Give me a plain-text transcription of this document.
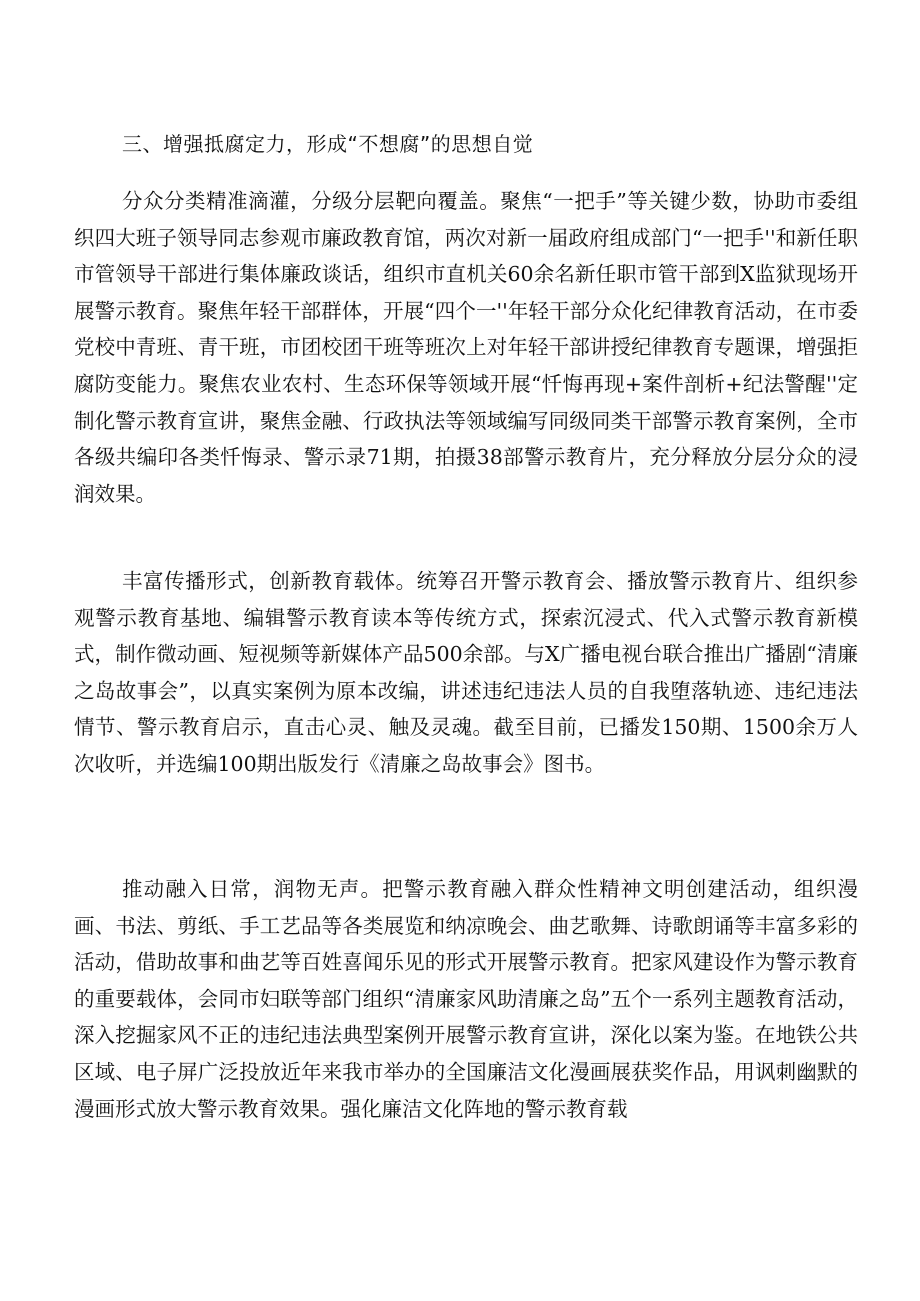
三、增强抵腐定力，形成“不想腐”的思想自觉

分众分类精准滴灌，分级分层靶向覆盖。聚焦“一把手”等关键少数，协助市委组织四大班子领导同志参观市廉政教育馆，两次对新一届政府组成部门“一把手''和新任职市管领导干部进行集体廉政谈话，组织市直机关60余名新任职市管干部到X监狱现场开展警示教育。聚焦年轻干部群体，开展“四个一''年轻干部分众化纪律教育活动，在市委党校中青班、青干班，市团校团干班等班次上对年轻干部讲授纪律教育专题课，增强拒腐防变能力。聚焦农业农村、生态环保等领域开展“忏悔再现+案件剖析+纪法警醒''定制化警示教育宣讲，聚焦金融、行政执法等领域编写同级同类干部警示教育案例，全市各级共编印各类忏悔录、警示录71期，拍摄38部警示教育片，充分释放分层分众的浸润效果。

丰富传播形式，创新教育载体。统筹召开警示教育会、播放警示教育片、组织参观警示教育基地、编辑警示教育读本等传统方式，探索沉浸式、代入式警示教育新模式，制作微动画、短视频等新媒体产品500余部。与X广播电视台联合推出广播剧“清廉之岛故事会”，以真实案例为原本改编，讲述违纪违法人员的自我堕落轨迹、违纪违法情节、警示教育启示，直击心灵、触及灵魂。截至目前，已播发150期、1500余万人次收听，并选编100期出版发行《清廉之岛故事会》图书。

推动融入日常，润物无声。把警示教育融入群众性精神文明创建活动，组织漫画、书法、剪纸、手工艺品等各类展览和纳凉晚会、曲艺歌舞、诗歌朗诵等丰富多彩的活动，借助故事和曲艺等百姓喜闻乐见的形式开展警示教育。把家风建设作为警示教育的重要载体，会同市妇联等部门组织“清廉家风助清廉之岛”五个一系列主题教育活动，深入挖掘家风不正的违纪违法典型案例开展警示教育宣讲，深化以案为鉴。在地铁公共区域、电子屏广泛投放近年来我市举办的全国廉洁文化漫画展获奖作品，用讽刺幽默的漫画形式放大警示教育效果。强化廉洁文化阵地的警示教育载
